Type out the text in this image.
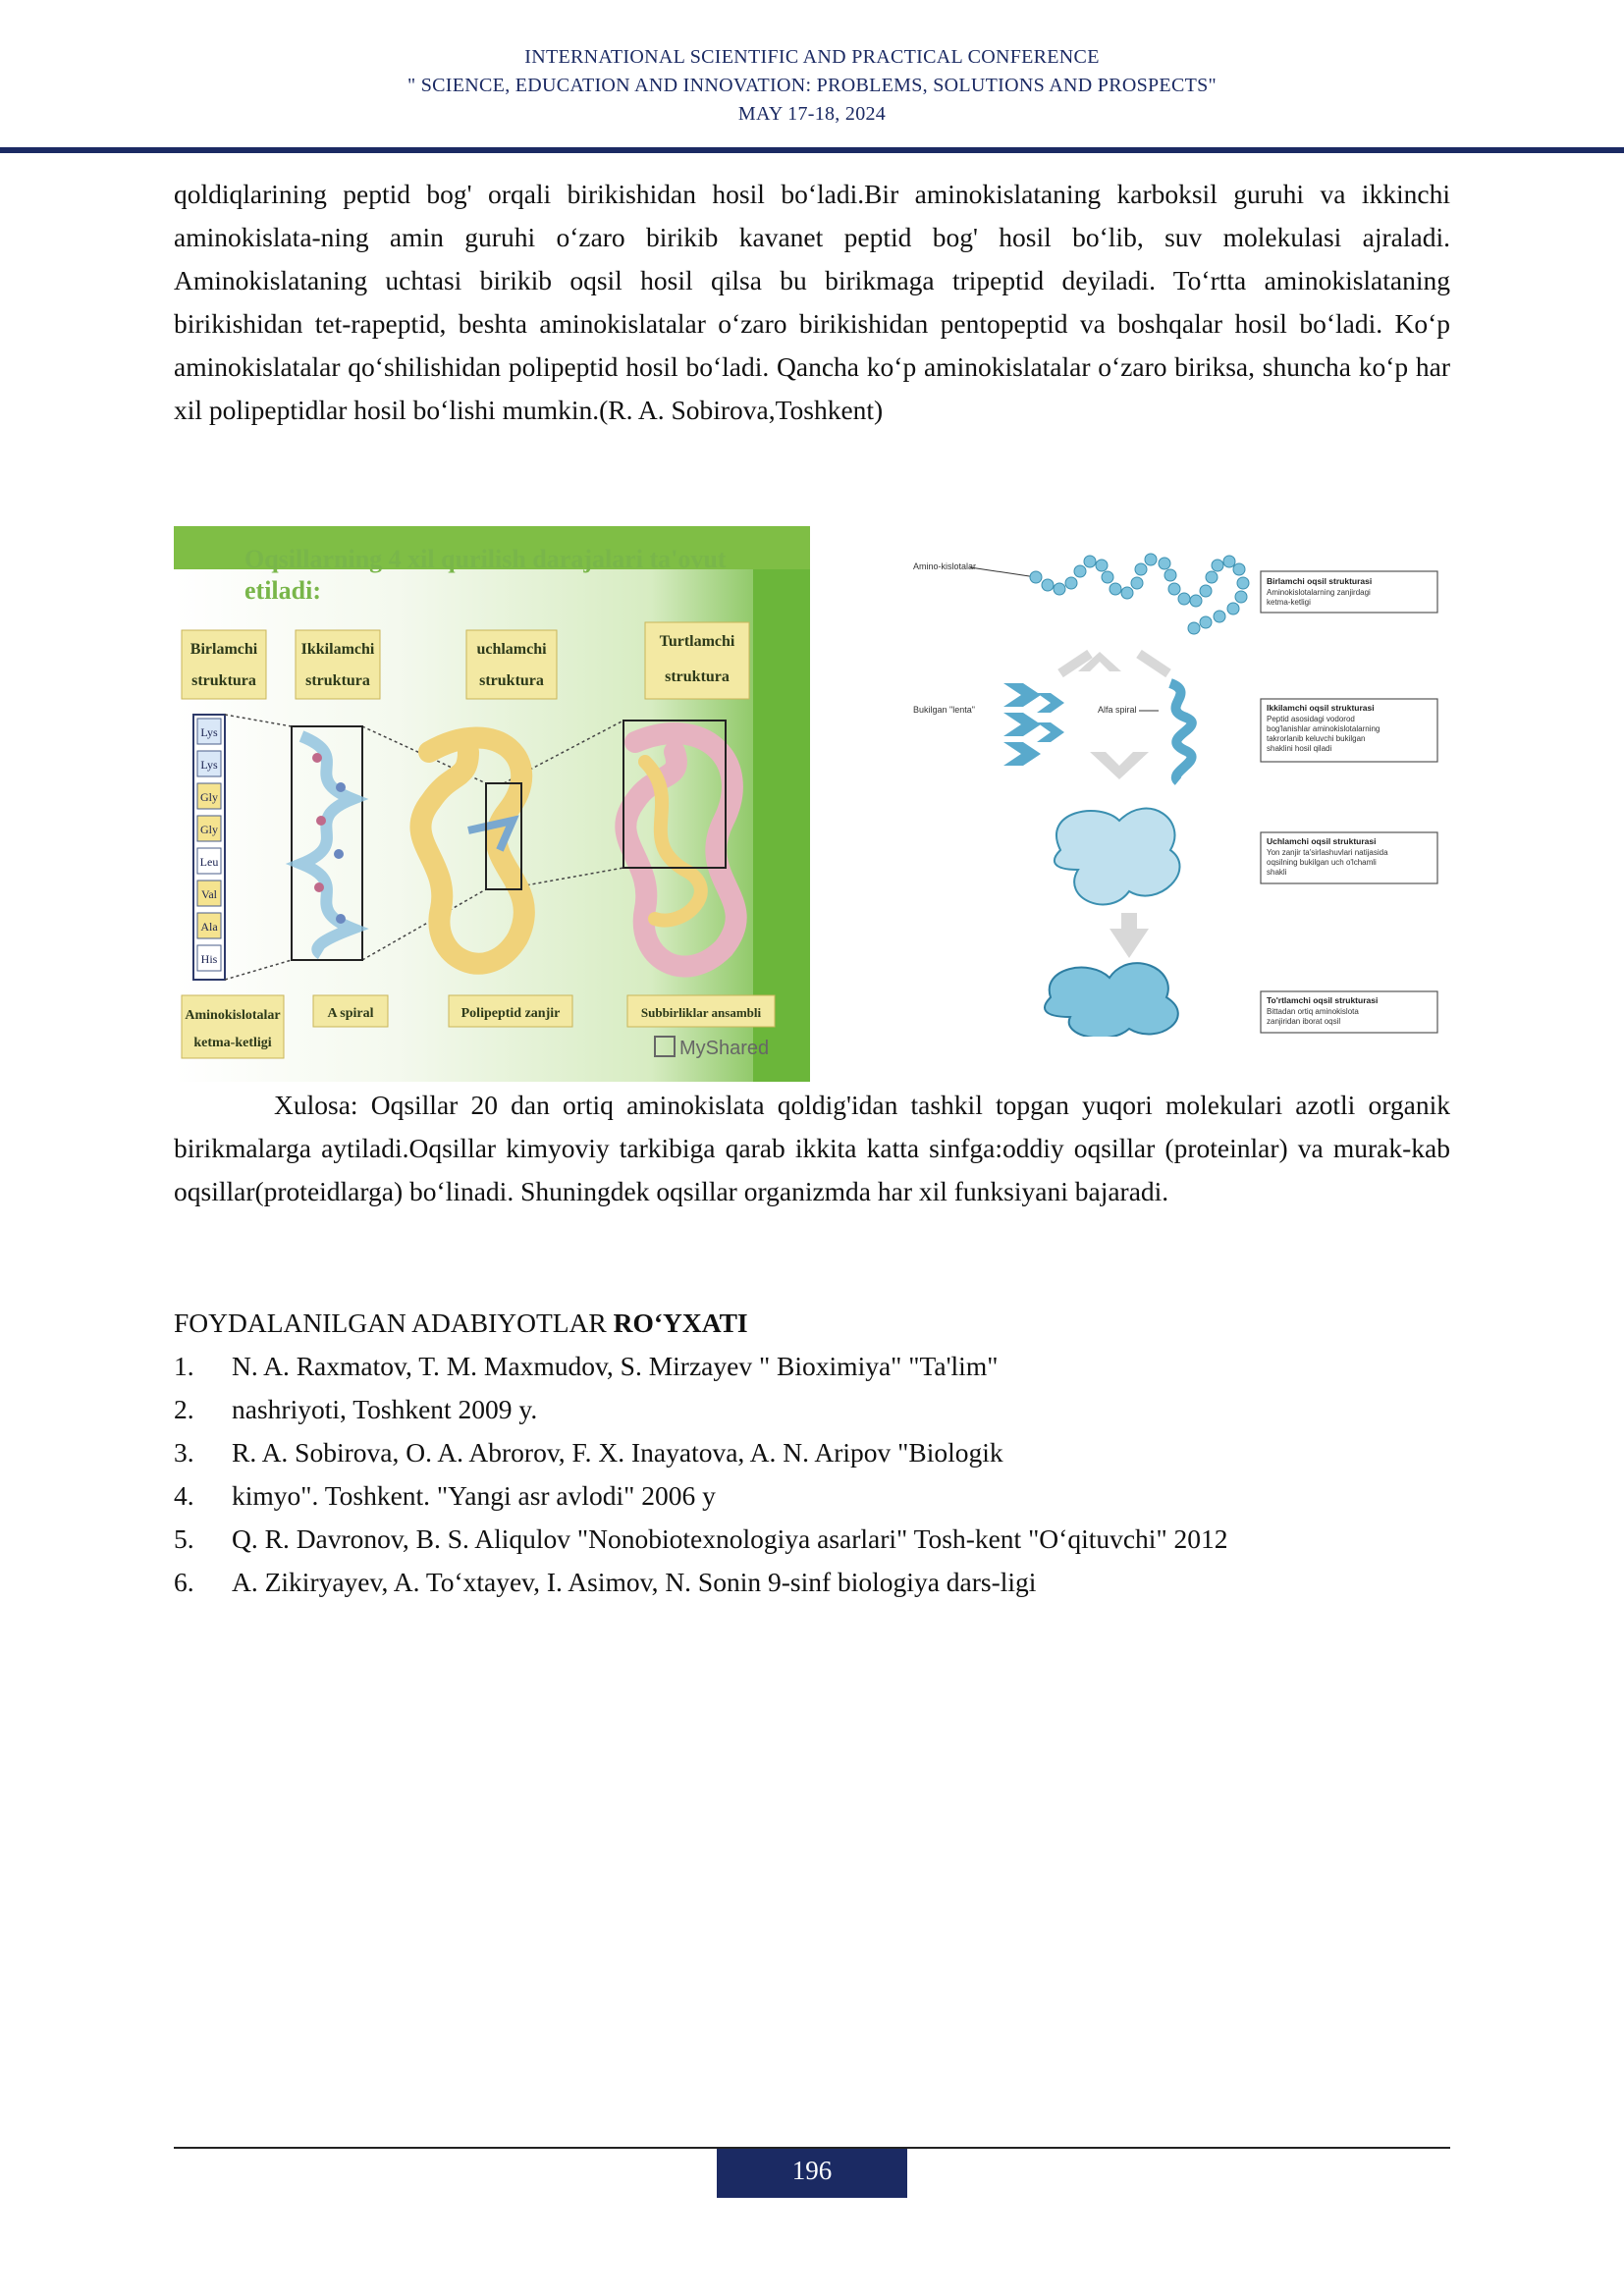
INTERNATIONAL SCIENTIFIC AND PRACTICAL CONFERENCE
" SCIENCE, EDUCATION AND INNOVATION: PROBLEMS, SOLUTIONS AND PROSPECTS"
MAY 17-18, 2024

qoldiqlarining peptid bog' orqali birikishidan hosil bo‘ladi.Bir aminokislataning karboksil guruhi va ikkinchi aminokislata-ning amin guruhi o‘zaro birikib kavanet peptid bog' hosil bo‘lib, suv molekulasi ajraladi. Aminokislataning uchtasi birikib oqsil hosil qilsa bu birikmaga tripeptid deyiladi. To‘rtta aminokislataning birikishidan tet-rapeptid, beshta aminokislatalar o‘zaro birikishidan pentopeptid va boshqalar hosil bo‘ladi. Ko‘p aminokislatalar qo‘shilishidan polipeptid hosil bo‘ladi. Qancha ko‘p aminokislatalar o‘zaro biriksa, shuncha ko‘p har xil polipeptidlar hosil bo‘lishi mumkin.(R. A. Sobirova,Toshkent)

Oqsillarning 4 xil qurilish darajalari ta'ovut
etiladi:
Birlamchi
struktura
Ikkilamchi
struktura
uchlamchi
struktura
Turtlamchi
struktura
Lys
Lys
Gly
Gly
Leu
Val
Ala
His
Aminokislotalar
ketma-ketligi
A spiral	Polipeptid zanjir	Subbirliklar ansambli
MyShared
Amino-kislotalar
Bukilgan "lenta"	Alfa spiral
Birlamchi oqsil strukturasi
Aminokislotalarning zanjirdagi
ketma-ketligi
Ikkilamchi oqsil strukturasi
Peptid asosidagi vodorod
bog'lanishlar aminokislotalarning
takrorlanib keluvchi bukilgan
shaklini hosil qiladi
Uchlamchi oqsil strukturasi
Yon zanjir ta'sirlashuvlari natijasida
oqsilning bukilgan uch o'lchamli
shakli
To'rtlamchi oqsil strukturasi
Bittadan ortiq aminokislota
zanjiridan iborat oqsil

Xulosa: Oqsillar 20 dan ortiq aminokislata qoldig'idan tashkil topgan yuqori molekulari azotli organik birikmalarga aytiladi.Oqsillar kimyoviy tarkibiga qarab ikkita katta sinfga:oddiy oqsillar (proteinlar) va murak-kab oqsillar(proteidlarga) bo‘linadi. Shuningdek oqsillar organizmda har xil funksiyani bajaradi.

FOYDALANILGAN ADABIYOTLAR RO‘YXATI
1.	N. A. Raxmatov, T. M. Maxmudov, S. Mirzayev " Bioximiya" "Ta'lim"
2.	nashriyoti, Toshkent 2009 y.
3.	R. A. Sobirova, O. A. Abrorov, F. X. Inayatova, A. N. Aripov "Biologik
4.	kimyo". Toshkent. "Yangi asr avlodi" 2006 y
5.	Q. R. Davronov, B. S. Aliqulov "Nonobiotexnologiya asarlari" Tosh-kent "O‘qituvchi" 2012
6.	A. Zikiryayev, A. To‘xtayev, I. Asimov, N. Sonin 9-sinf biologiya dars-ligi
196
